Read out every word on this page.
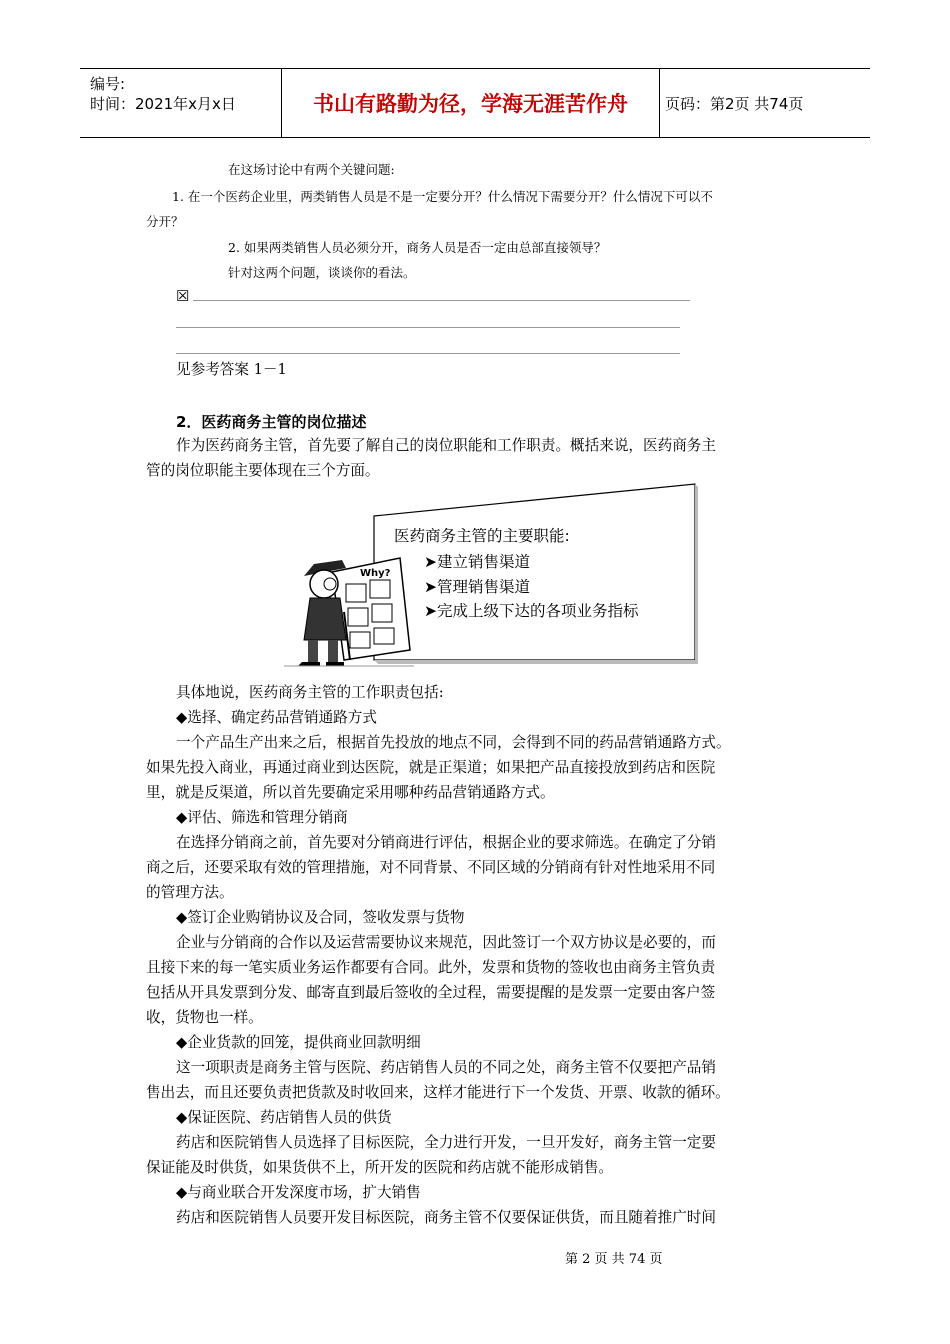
编号:
时间：2021年x月x日	书山有路勤为径，学海无涯苦作舟	页码：第2页 共74页
在这场讨论中有两个关键问题:
1. 在一个医药企业里，两类销售人员是不是一定要分开？什么情况下需要分开？什么情况下可以不
分开？
2. 如果两类销售人员必须分开，商务人员是否一定由总部直接领导？
针对这两个问题，谈谈你的看法。
☒
见参考答案 1－1
2．医药商务主管的岗位描述
作为医药商务主管，首先要了解自己的岗位职能和工作职责。概括来说，医药商务主
管的岗位职能主要体现在三个方面。
Why?
医药商务主管的主要职能:
➤建立销售渠道
➤管理销售渠道
➤完成上级下达的各项业务指标
具体地说，医药商务主管的工作职责包括:
◆选择、确定药品营销通路方式
一个产品生产出来之后，根据首先投放的地点不同，会得到不同的药品营销通路方式。
如果先投入商业，再通过商业到达医院，就是正渠道；如果把产品直接投放到药店和医院
里，就是反渠道，所以首先要确定采用哪种药品营销通路方式。
◆评估、筛选和管理分销商
在选择分销商之前，首先要对分销商进行评估，根据企业的要求筛选。在确定了分销
商之后，还要采取有效的管理措施，对不同背景、不同区域的分销商有针对性地采用不同
的管理方法。
◆签订企业购销协议及合同，签收发票与货物
企业与分销商的合作以及运营需要协议来规范，因此签订一个双方协议是必要的，而
且接下来的每一笔实质业务运作都要有合同。此外，发票和货物的签收也由商务主管负责
包括从开具发票到分发、邮寄直到最后签收的全过程，需要提醒的是发票一定要由客户签
收，货物也一样。
◆企业货款的回笼，提供商业回款明细
这一项职责是商务主管与医院、药店销售人员的不同之处，商务主管不仅要把产品销
售出去，而且还要负责把货款及时收回来，这样才能进行下一个发货、开票、收款的循环。
◆保证医院、药店销售人员的供货
药店和医院销售人员选择了目标医院，全力进行开发，一旦开发好，商务主管一定要
保证能及时供货，如果货供不上，所开发的医院和药店就不能形成销售。
◆与商业联合开发深度市场，扩大销售
药店和医院销售人员要开发目标医院，商务主管不仅要保证供货，而且随着推广时间
第 2 页 共 74 页
